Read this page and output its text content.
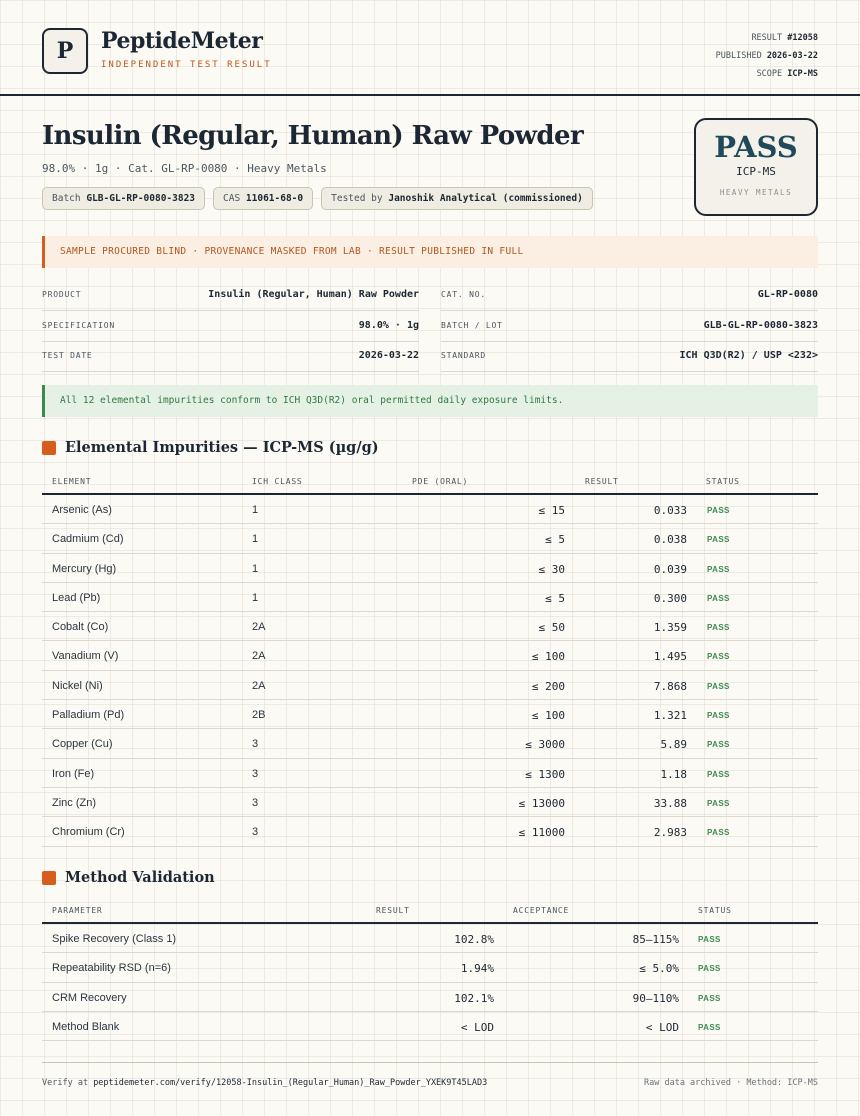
P	PeptideMeter
INDEPENDENT TEST RESULT
RESULT #12058
PUBLISHED 2026-03-22
SCOPE ICP-MS
Insulin (Regular, Human) Raw Powder
98.0% · 1g · Cat. GL-RP-0080 · Heavy Metals
Batch GLB-GL-RP-0080-3823	CAS 11061-68-0	Tested by Janoshik Analytical (commissioned)
PASS
ICP-MS
HEAVY METALS
SAMPLE PROCURED BLIND · PROVENANCE MASKED FROM LAB · RESULT PUBLISHED IN FULL
PRODUCT	Insulin (Regular, Human) Raw Powder	CAT. NO.	GL-RP-0080
SPECIFICATION	98.0% · 1g	BATCH / LOT	GLB-GL-RP-0080-3823
TEST DATE	2026-03-22	STANDARD	ICH Q3D(R2) / USP <232>
All 12 elemental impurities conform to ICH Q3D(R2) oral permitted daily exposure limits.
Elemental Impurities — ICP-MS (µg/g)
ELEMENT	ICH CLASS	PDE (ORAL)	RESULT	STATUS
Arsenic (As)	1	≤ 15	0.033	PASS
Cadmium (Cd)	1	≤ 5	0.038	PASS
Mercury (Hg)	1	≤ 30	0.039	PASS
Lead (Pb)	1	≤ 5	0.300	PASS
Cobalt (Co)	2A	≤ 50	1.359	PASS
Vanadium (V)	2A	≤ 100	1.495	PASS
Nickel (Ni)	2A	≤ 200	7.868	PASS
Palladium (Pd)	2B	≤ 100	1.321	PASS
Copper (Cu)	3	≤ 3000	5.89	PASS
Iron (Fe)	3	≤ 1300	1.18	PASS
Zinc (Zn)	3	≤ 13000	33.88	PASS
Chromium (Cr)	3	≤ 11000	2.983	PASS
Method Validation
PARAMETER	RESULT	ACCEPTANCE	STATUS
Spike Recovery (Class 1)	102.8%	85–115% PASS
Repeatability RSD (n=6)	1.94%	≤ 5.0% PASS
CRM Recovery	102.1%	90–110% PASS
Method Blank	< LOD	< LOD PASS
Verify at peptidemeter.com/verify/12058-Insulin_(Regular_Human)_Raw_Powder_YXEK9T45LAD3	Raw data archived · Method: ICP-MS
